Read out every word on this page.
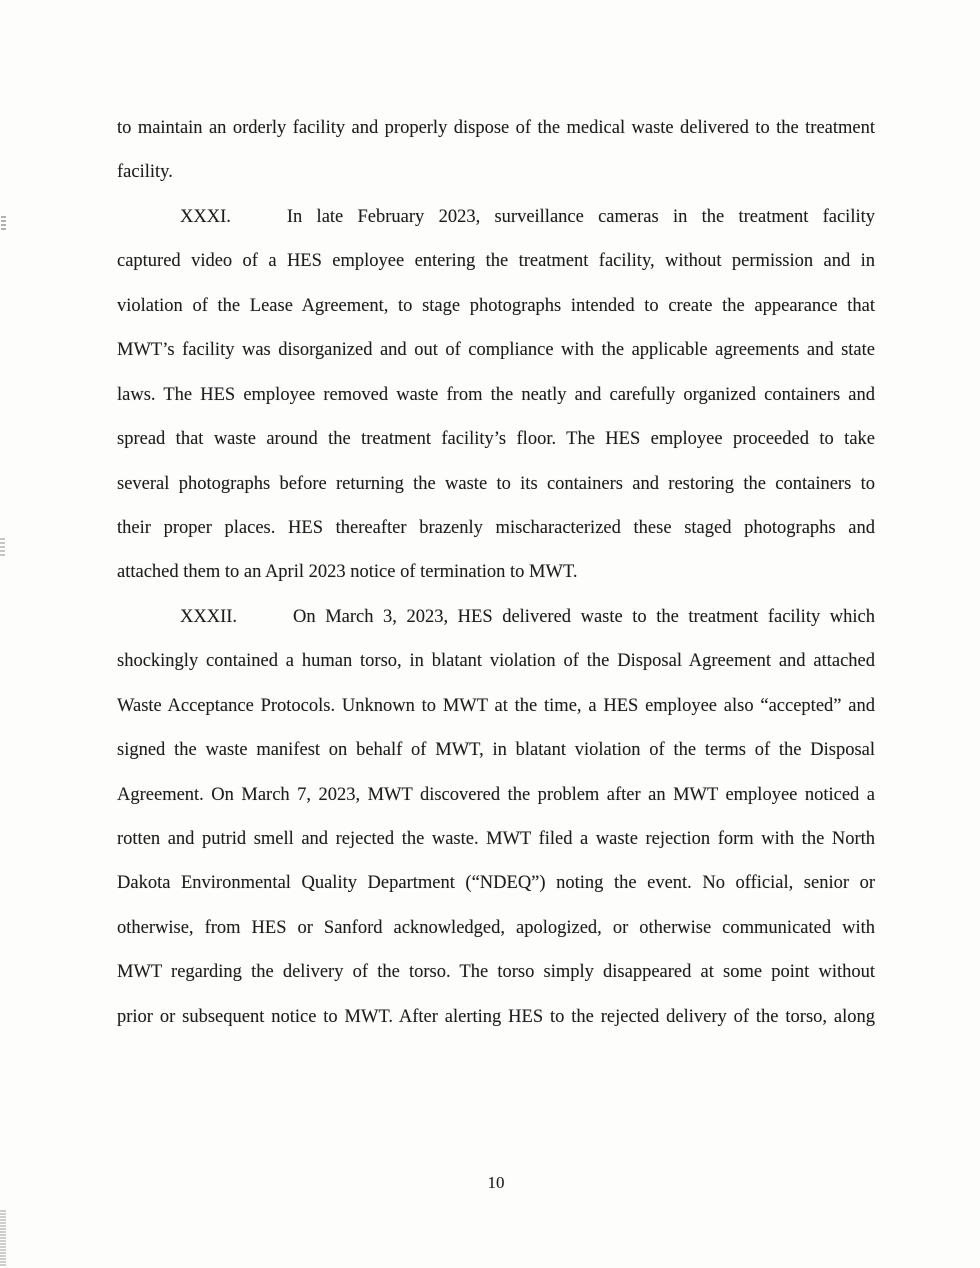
to maintain an orderly facility and properly dispose of the medical waste delivered to the treatment
facility.
XXXI.	In late February 2023, surveillance cameras in the treatment facility
captured video of a HES employee entering the treatment facility, without permission and in
violation of the Lease Agreement, to stage photographs intended to create the appearance that
MWT’s facility was disorganized and out of compliance with the applicable agreements and state
laws. The HES employee removed waste from the neatly and carefully organized containers and
spread that waste around the treatment facility’s floor. The HES employee proceeded to take
several photographs before returning the waste to its containers and restoring the containers to
their proper places. HES thereafter brazenly mischaracterized these staged photographs and
attached them to an April 2023 notice of termination to MWT.
XXXII.	On March 3, 2023, HES delivered waste to the treatment facility which
shockingly contained a human torso, in blatant violation of the Disposal Agreement and attached
Waste Acceptance Protocols. Unknown to MWT at the time, a HES employee also “accepted” and
signed the waste manifest on behalf of MWT, in blatant violation of the terms of the Disposal
Agreement. On March 7, 2023, MWT discovered the problem after an MWT employee noticed a
rotten and putrid smell and rejected the waste. MWT filed a waste rejection form with the North
Dakota Environmental Quality Department (“NDEQ”) noting the event. No official, senior or
otherwise, from HES or Sanford acknowledged, apologized, or otherwise communicated with
MWT regarding the delivery of the torso. The torso simply disappeared at some point without
prior or subsequent notice to MWT. After alerting HES to the rejected delivery of the torso, along
10
